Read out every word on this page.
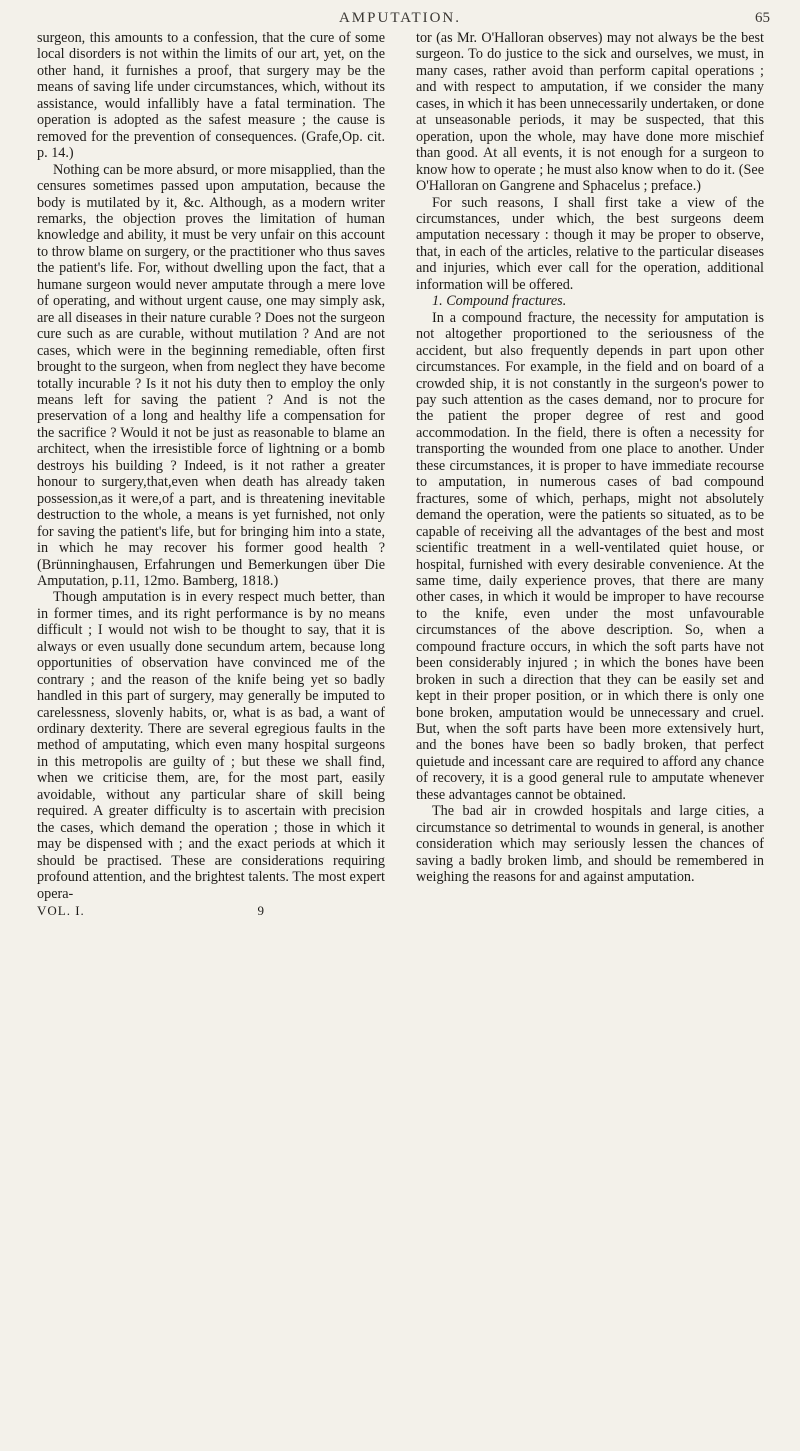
AMPUTATION.	65

surgeon, this amounts to a confession, that the cure of some local disorders is not within the limits of our art, yet, on the other hand, it furnishes a proof, that surgery may be the means of saving life under circumstances, which, without its assistance, would infallibly have a fatal termination. The operation is adopted as the safest measure ; the cause is removed for the prevention of consequences. (Grafe,Op. cit. p. 14.)

Nothing can be more absurd, or more misapplied, than the censures sometimes passed upon amputation, because the body is mutilated by it, &c. Although, as a modern writer remarks, the objection proves the limitation of human knowledge and ability, it must be very unfair on this account to throw blame on surgery, or the practitioner who thus saves the patient's life. For, without dwelling upon the fact, that a humane surgeon would never amputate through a mere love of operating, and without urgent cause, one may simply ask, are all diseases in their nature curable ? Does not the surgeon cure such as are curable, without mutilation ? And are not cases, which were in the beginning remediable, often first brought to the surgeon, when from neglect they have become totally incurable ? Is it not his duty then to employ the only means left for saving the patient ? And is not the preservation of a long and healthy life a compensation for the sacrifice ? Would it not be just as reasonable to blame an architect, when the irresistible force of lightning or a bomb destroys his building ? Indeed, is it not rather a greater honour to surgery,that,even when death has already taken possession,as it were,of a part, and is threatening inevitable destruction to the whole, a means is yet furnished, not only for saving the patient's life, but for bringing him into a state, in which he may recover his former good health ? (Brünninghausen, Erfahrungen und Bemerkungen über Die Amputation, p.11, 12mo. Bamberg, 1818.)

Though amputation is in every respect much better, than in former times, and its right performance is by no means difficult ; I would not wish to be thought to say, that it is always or even usually done secundum artem, because long opportunities of observation have convinced me of the contrary ; and the reason of the knife being yet so badly handled in this part of surgery, may generally be imputed to carelessness, slovenly habits, or, what is as bad, a want of ordinary dexterity. There are several egregious faults in the method of amputating, which even many hospital surgeons in this metropolis are guilty of ; but these we shall find, when we criticise them, are, for the most part, easily avoidable, without any particular share of skill being required. A greater difficulty is to ascertain with precision the cases, which demand the operation ; those in which it may be dispensed with ; and the exact periods at which it should be practised. These are considerations requiring profound attention, and the brightest talents. The most expert opera-

VOL. I.	9

tor (as Mr. O'Halloran observes) may not always be the best surgeon. To do justice to the sick and ourselves, we must, in many cases, rather avoid than perform capital operations ; and with respect to amputation, if we consider the many cases, in which it has been unnecessarily undertaken, or done at unseasonable periods, it may be suspected, that this operation, upon the whole, may have done more mischief than good. At all events, it is not enough for a surgeon to know how to operate ; he must also know when to do it. (See O'Halloran on Gangrene and Sphacelus ; preface.)

For such reasons, I shall first take a view of the circumstances, under which, the best surgeons deem amputation necessary : though it may be proper to observe, that, in each of the articles, relative to the particular diseases and injuries, which ever call for the operation, additional information will be offered.

1. Compound fractures.

In a compound fracture, the necessity for amputation is not altogether proportioned to the seriousness of the accident, but also frequently depends in part upon other circumstances. For example, in the field and on board of a crowded ship, it is not constantly in the surgeon's power to pay such attention as the cases demand, nor to procure for the patient the proper degree of rest and good accommodation. In the field, there is often a necessity for transporting the wounded from one place to another. Under these circumstances, it is proper to have immediate recourse to amputation, in numerous cases of bad compound fractures, some of which, perhaps, might not absolutely demand the operation, were the patients so situated, as to be capable of receiving all the advantages of the best and most scientific treatment in a well-ventilated quiet house, or hospital, furnished with every desirable convenience. At the same time, daily experience proves, that there are many other cases, in which it would be improper to have recourse to the knife, even under the most unfavourable circumstances of the above description. So, when a compound fracture occurs, in which the soft parts have not been considerably injured ; in which the bones have been broken in such a direction that they can be easily set and kept in their proper position, or in which there is only one bone broken, amputation would be unnecessary and cruel. But, when the soft parts have been more extensively hurt, and the bones have been so badly broken, that perfect quietude and incessant care are required to afford any chance of recovery, it is a good general rule to amputate whenever these advantages cannot be obtained.

The bad air in crowded hospitals and large cities, a circumstance so detrimental to wounds in general, is another consideration which may seriously lessen the chances of saving a badly broken limb, and should be remembered in weighing the reasons for and against amputation.
